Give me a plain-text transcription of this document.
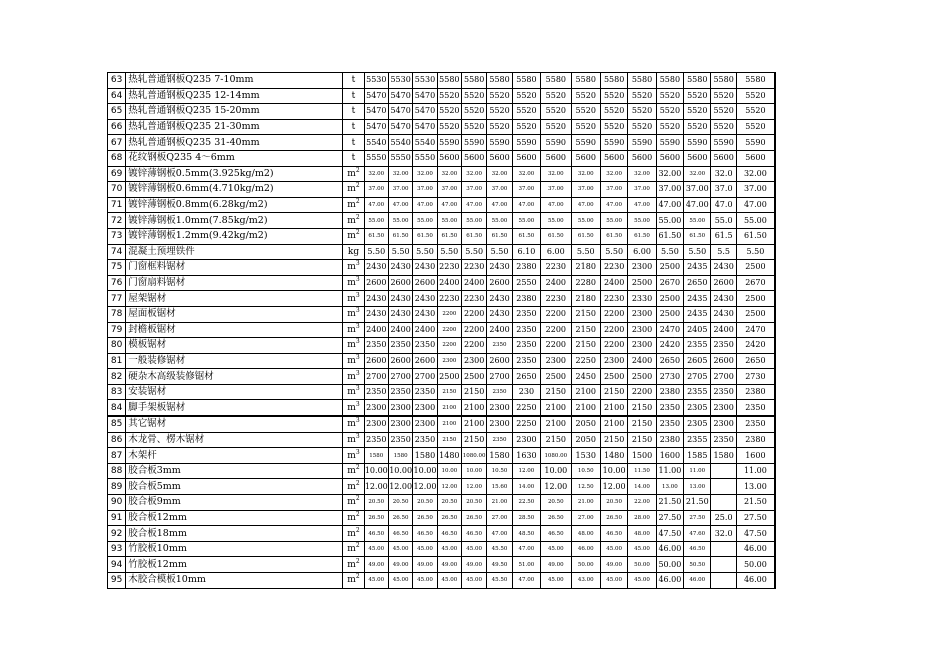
63	热轧普通钢板Q235 7-10mm	t	5530	5530	5530	5580	5580	5580	5580	5580	5580	5580	5580	5580	5580	5580	5580
64	热轧普通钢板Q235 12-14mm	t	5470	5470	5470	5520	5520	5520	5520	5520	5520	5520	5520	5520	5520	5520	5520
65	热轧普通钢板Q235 15-20mm	t	5470	5470	5470	5520	5520	5520	5520	5520	5520	5520	5520	5520	5520	5520	5520
66	热轧普通钢板Q235 21-30mm	t	5470	5470	5470	5520	5520	5520	5520	5520	5520	5520	5520	5520	5520	5520	5520
67	热轧普通钢板Q235 31-40mm	t	5540	5540	5540	5590	5590	5590	5590	5590	5590	5590	5590	5590	5590	5590	5590
68	花纹钢板Q235 4～6mm	t	5550	5550	5550	5600	5600	5600	5600	5600	5600	5600	5600	5600	5600	5600	5600
69	镀锌薄钢板0.5mm(3.925kg/m2)	$m^2$	32.00	32.00	32.00	32.00	32.00	32.00	32.00	32.00	32.00	32.00	32.00	32.00	32.00	32.0	32.00
70	镀锌薄钢板0.6mm(4.710kg/m2)	$m^2$	37.00	37.00	37.00	37.00	37.00	37.00	37.00	37.00	37.00	37.00	37.00	37.00	37.00	37.0	37.00
71	镀锌薄钢板0.8mm(6.28kg/m2)	$m^2$	47.00	47.00	47.00	47.00	47.00	47.00	47.00	47.00	47.00	47.00	47.00	47.00	47.00	47.0	47.00
72	镀锌薄钢板1.0mm(7.85kg/m2)	$m^2$	55.00	55.00	55.00	55.00	55.00	55.00	55.00	55.00	55.00	55.00	55.00	55.00	55.00	55.0	55.00
73	镀锌薄钢板1.2mm(9.42kg/m2)	$m^2$	61.50	61.50	61.50	61.50	61.50	61.50	61.50	61.50	61.50	61.50	61.50	61.50	61.50	61.5	61.50
74	混凝土预埋铁件	kg	5.50	5.50	5.50	5.50	5.50	5.50	6.10	6.00	5.50	5.50	6.00	5.50	5.50	5.5	5.50
75	门窗框料锯材	$m^3$	2430	2430	2430	2230	2230	2430	2380	2230	2180	2230	2300	2500	2435	2430	2500
76	门窗扇料锯材	$m^3$	2600	2600	2600	2400	2400	2600	2550	2400	2280	2400	2500	2670	2650	2600	2670
77	屋架锯材	$m^3$	2430	2430	2430	2230	2230	2430	2380	2230	2180	2230	2330	2500	2435	2430	2500
78	屋面板锯材	$m^3$	2430	2430	2430	2200	2200	2430	2350	2200	2150	2200	2300	2500	2435	2430	2500
79	封檐板锯材	$m^3$	2400	2400	2400	2200	2200	2400	2350	2200	2150	2200	2300	2470	2405	2400	2470
80	模板锯材	$m^3$	2350	2350	2350	2200	2200	2350	2350	2200	2150	2200	2300	2420	2355	2350	2420
81	一般装修锯材	$m^3$	2600	2600	2600	2300	2300	2600	2350	2300	2250	2300	2400	2650	2605	2600	2650
82	硬杂木高级装修锯材	$m^3$	2700	2700	2700	2500	2500	2700	2650	2500	2450	2500	2500	2730	2705	2700	2730
83	安装锯材	$m^3$	2350	2350	2350	2150	2150	2350	230	2150	2100	2150	2200	2380	2355	2350	2380
84	脚手架板锯材	$m^3$	2300	2300	2300	2100	2100	2300	2250	2100	2100	2100	2150	2350	2305	2300	2350
85	其它锯材	$m^3$	2300	2300	2300	2100	2100	2300	2250	2100	2050	2100	2150	2350	2305	2300	2350
86	木龙骨、楞木锯材	$m^3$	2350	2350	2350	2150	2150	2350	2300	2150	2050	2150	2150	2380	2355	2350	2380
87	木架杆	$m^3$	1580	1580	1580	1480	1080.00	1580	1630	1080.00	1530	1480	1500	1600	1585	1580	1600
88	胶合板3mm	$m^2$	10.00	10.00	10.00	10.00	10.00	10.50	12.00	10.00	10.50	10.00	11.50	11.00	11.00		11.00
89	胶合板5mm	$m^2$	12.00	12.00	12.00	12.00	12.00	15.60	14.00	12.00	12.50	12.00	14.00	13.00	13.00		13.00
90	胶合板9mm	$m^2$	20.50	20.50	20.50	20.50	20.50	21.00	22.50	20.50	21.00	20.50	22.00	21.50	21.50		21.50
91	胶合板12mm	$m^2$	26.50	26.50	26.50	26.50	26.50	27.00	28.50	26.50	27.00	26.50	28.00	27.50	27.50	25.0	27.50
92	胶合板18mm	$m^2$	46.50	46.50	46.50	46.50	46.50	47.00	48.50	46.50	48.00	46.50	48.00	47.50	47.60	32.0	47.50
93	竹胶板10mm	$m^2$	45.00	45.00	45.00	45.00	45.00	45.50	47.00	45.00	46.00	45.00	45.00	46.00	46.50		46.00
94	竹胶板12mm	$m^2$	49.00	49.00	49.00	49.00	49.00	49.50	51.00	49.00	50.00	49.00	50.00	50.00	50.50		50.00
95	木胶合模板10mm	$m^2$	45.00	45.00	45.00	45.00	45.00	45.50	47.00	45.00	43.00	45.00	45.00	46.00	46.00		46.00
